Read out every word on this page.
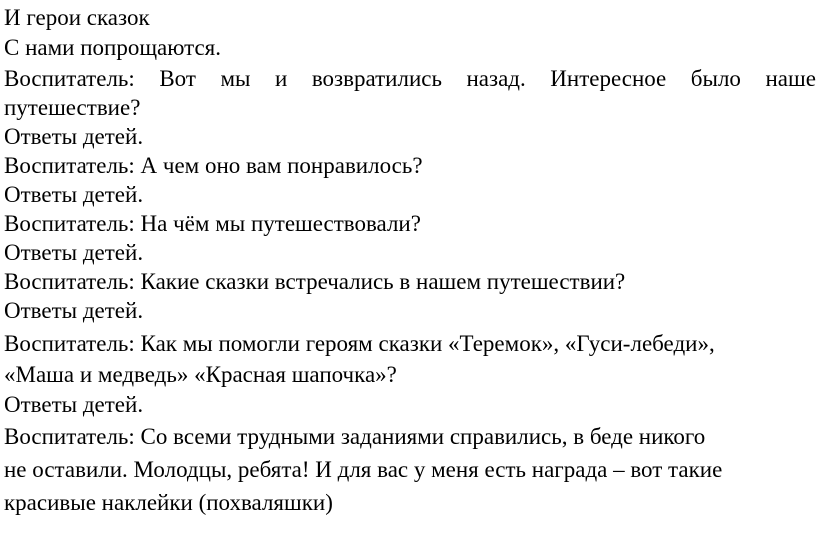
И герои сказок
С нами попрощаются.
Воспитатель: Вот мы и возвратились назад. Интересное было наше
путешествие?
Ответы детей.
Воспитатель: А чем оно вам понравилось?
Ответы детей.
Воспитатель: На чём мы путешествовали?
Ответы детей.
Воспитатель: Какие сказки встречались в нашем путешествии?
Ответы детей.
Воспитатель: Как мы помогли героям сказки «Теремок», «Гуси-лебеди»,
«Маша и медведь» «Красная шапочка»?
Ответы детей.
Воспитатель: Со всеми трудными заданиями справились, в беде никого
не оставили. Молодцы, ребята! И для вас у меня есть награда – вот такие
красивые наклейки (похваляшки)
